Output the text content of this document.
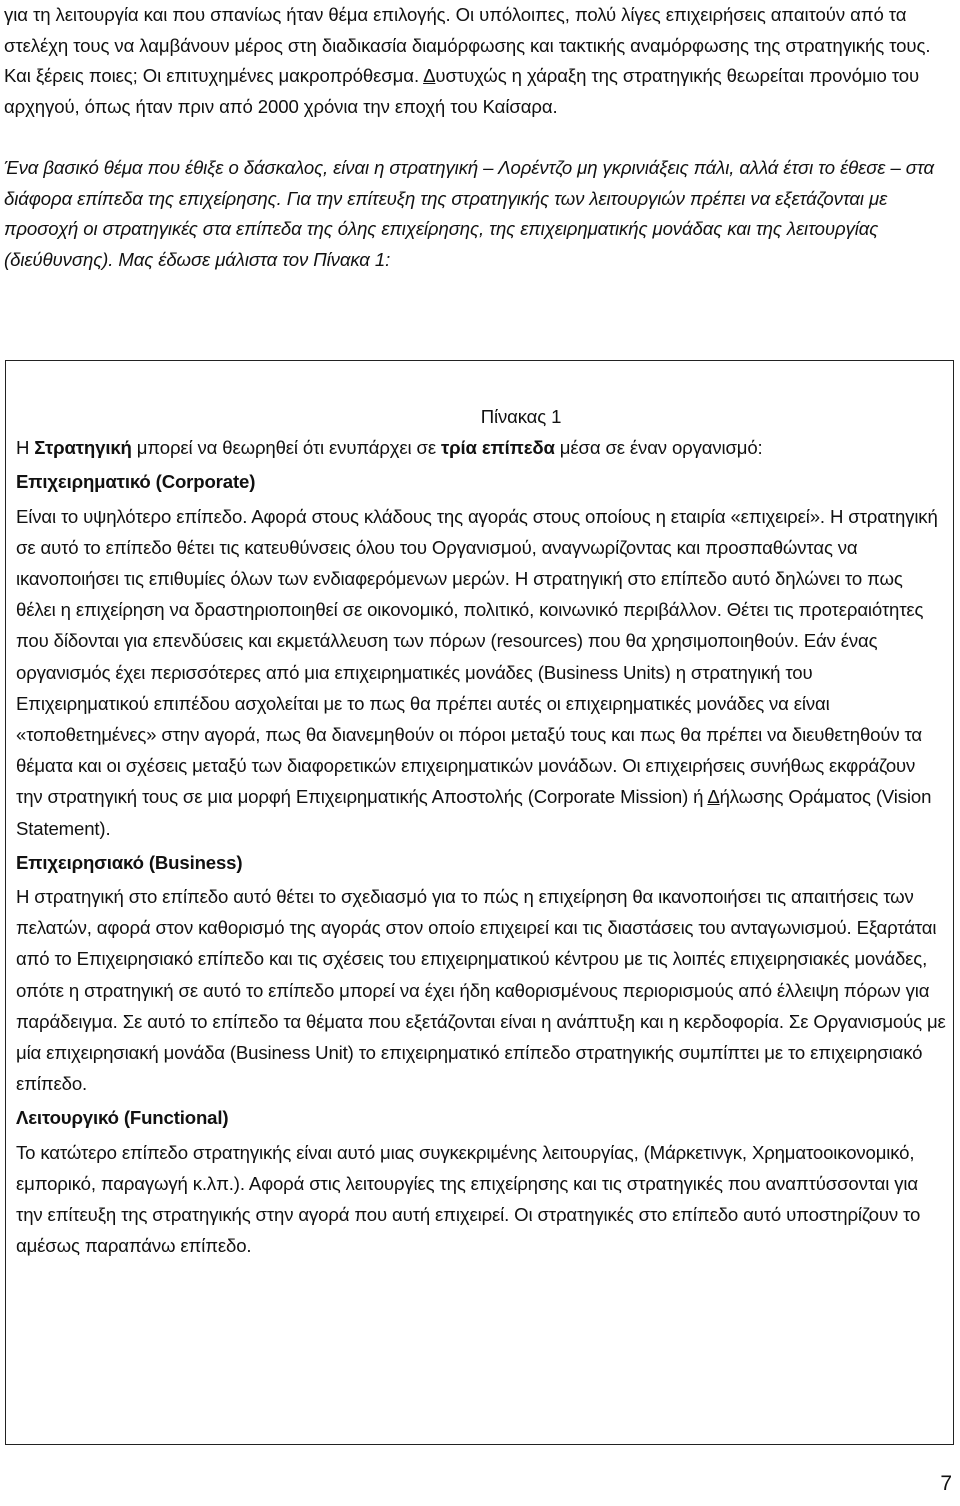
για τη λειτουργία και που σπανίως ήταν θέμα επιλογής. Οι υπόλοιπες, πολύ λίγες επιχειρήσεις απαιτούν από τα στελέχη τους να λαμβάνουν μέρος στη διαδικασία διαμόρφωσης και τακτικής αναμόρφωσης της στρατηγικής τους. Και ξέρεις ποιες; Οι επιτυχημένες μακροπρόθεσμα. Δυστυχώς η χάραξη της στρατηγικής θεωρείται προνόμιο του αρχηγού, όπως ήταν πριν από 2000 χρόνια την εποχή του Καίσαρα.

Ένα βασικό θέμα που έθιξε ο δάσκαλος, είναι η στρατηγική – Λορέντζο μη γκρινιάξεις πάλι, αλλά έτσι το έθεσε – στα διάφορα επίπεδα της επιχείρησης. Για την επίτευξη της στρατηγικής των λειτουργιών πρέπει να εξετάζονται με προσοχή οι στρατηγικές στα επίπεδα της όλης επιχείρησης, της επιχειρηματικής μονάδας και της λειτουργίας (διεύθυνσης). Μας έδωσε μάλιστα τον Πίνακα 1:

Πίνακας 1

Η Στρατηγική μπορεί να θεωρηθεί ότι ενυπάρχει σε τρία επίπεδα μέσα σε έναν οργανισμό:

Επιχειρηματικό (Corporate)

Είναι το υψηλότερο επίπεδο. Αφορά στους κλάδους της αγοράς στους οποίους η εταιρία «επιχειρεί». Η στρατηγική σε αυτό το επίπεδο θέτει τις κατευθύνσεις όλου του Οργανισμού, αναγνωρίζοντας και προσπαθώντας να ικανοποιήσει τις επιθυμίες όλων των ενδιαφερόμενων μερών. Η στρατηγική στο επίπεδο αυτό δηλώνει το πως θέλει η επιχείρηση να δραστηριοποιηθεί σε οικονομικό, πολιτικό, κοινωνικό περιβάλλον. Θέτει τις προτεραιότητες που δίδονται για επενδύσεις και εκμετάλλευση των πόρων (resources) που θα χρησιμοποιηθούν. Εάν ένας οργανισμός έχει περισσότερες από μια επιχειρηματικές μονάδες (Business Units) η στρατηγική του Επιχειρηματικού επιπέδου ασχολείται με το πως θα πρέπει αυτές οι επιχειρηματικές μονάδες να είναι «τοποθετημένες» στην αγορά, πως θα διανεμηθούν οι πόροι μεταξύ τους και πως θα πρέπει να διευθετηθούν τα θέματα και οι σχέσεις μεταξύ των διαφορετικών επιχειρηματικών μονάδων. Οι επιχειρήσεις συνήθως εκφράζουν την στρατηγική τους σε μια μορφή Επιχειρηματικής Αποστολής (Corporate Mission) ή Δήλωσης Οράματος (Vision Statement).

Επιχειρησιακό (Business)

Η στρατηγική στο επίπεδο αυτό θέτει το σχεδιασμό για το πώς η επιχείρηση θα ικανοποιήσει τις απαιτήσεις των πελατών, αφορά στον καθορισμό της αγοράς στον οποίο επιχειρεί και τις διαστάσεις του ανταγωνισμού. Εξαρτάται από το Επιχειρησιακό επίπεδο και τις σχέσεις του επιχειρηματικού κέντρου με τις λοιπές επιχειρησιακές μονάδες, οπότε η στρατηγική σε αυτό το επίπεδο μπορεί να έχει ήδη καθορισμένους περιορισμούς από έλλειψη πόρων για παράδειγμα. Σε αυτό το επίπεδο τα θέματα που εξετάζονται είναι η ανάπτυξη και η κερδοφορία. Σε Οργανισμούς με μία επιχειρησιακή μονάδα (Business Unit) το επιχειρηματικό επίπεδο στρατηγικής συμπίπτει με το επιχειρησιακό επίπεδο.

Λειτουργικό (Functional)

Το κατώτερο επίπεδο στρατηγικής είναι αυτό μιας συγκεκριμένης λειτουργίας, (Μάρκετινγκ, Χρηματοοικονομικό, εμπορικό, παραγωγή κ.λπ.). Αφορά στις λειτουργίες της επιχείρησης και τις στρατηγικές που αναπτύσσονται για την επίτευξη της στρατηγικής στην αγορά που αυτή επιχειρεί. Οι στρατηγικές στο επίπεδο αυτό υποστηρίζουν το αμέσως παραπάνω επίπεδο.

7
